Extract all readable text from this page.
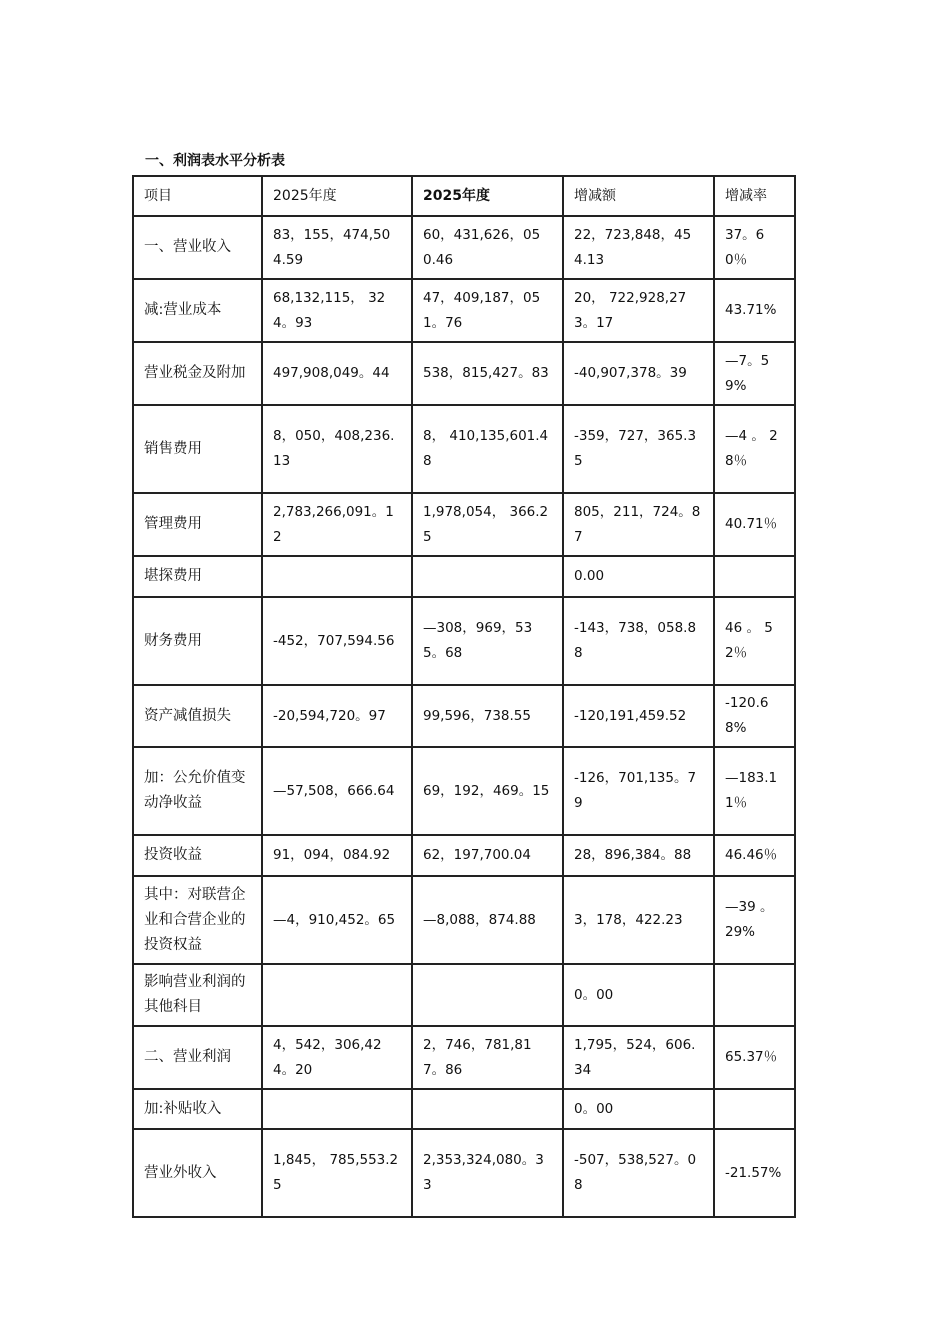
一、利润表水平分析表
项目	2025年度	2025年度	增减额	增减率
一、营业收入	83，155，474,504.59	60，431,626，050.46	22，723,848，454.13	37。60％
减:营业成本	68,132,115， 324。93	47，409,187，051。76	20， 722,928,273。17	43.71%
营业税金及附加	497,908,049。44	538，815,427。83	-40,907,378。39	—7。59%
销售费用	8，050，408,236.13	8， 410,135,601.48	-359，727，365.35	—4 。 28％
管理费用	2,783,266,091。12	1,978,054， 366.25	805，211，724。87	40.71％
堪探费用			0.00	
财务费用	-452，707,594.56	—308，969，535。68	-143，738，058.88	46 。 52％
资产减值损失	-20,594,720。97	99,596，738.55	-120,191,459.52	-120.68%
加：公允价值变动净收益	—57,508，666.64	69，192，469。15	-126，701,135。79	—183.11％
投资收益	91，094，084.92	62，197,700.04	28，896,384。88	46.46％
其中：对联营企业和合营企业的投资权益	—4，910,452。65	—8,088，874.88	3，178，422.23	—39 。 29%
影响营业利润的其他科目			0。00	
二、营业利润	4，542，306,424。20	2，746，781,817。86	1,795，524，606.34	65.37％
加:补贴收入			0。00	
营业外收入	1,845， 785,553.25	2,353,324,080。33	-507，538,527。08	-21.57%
